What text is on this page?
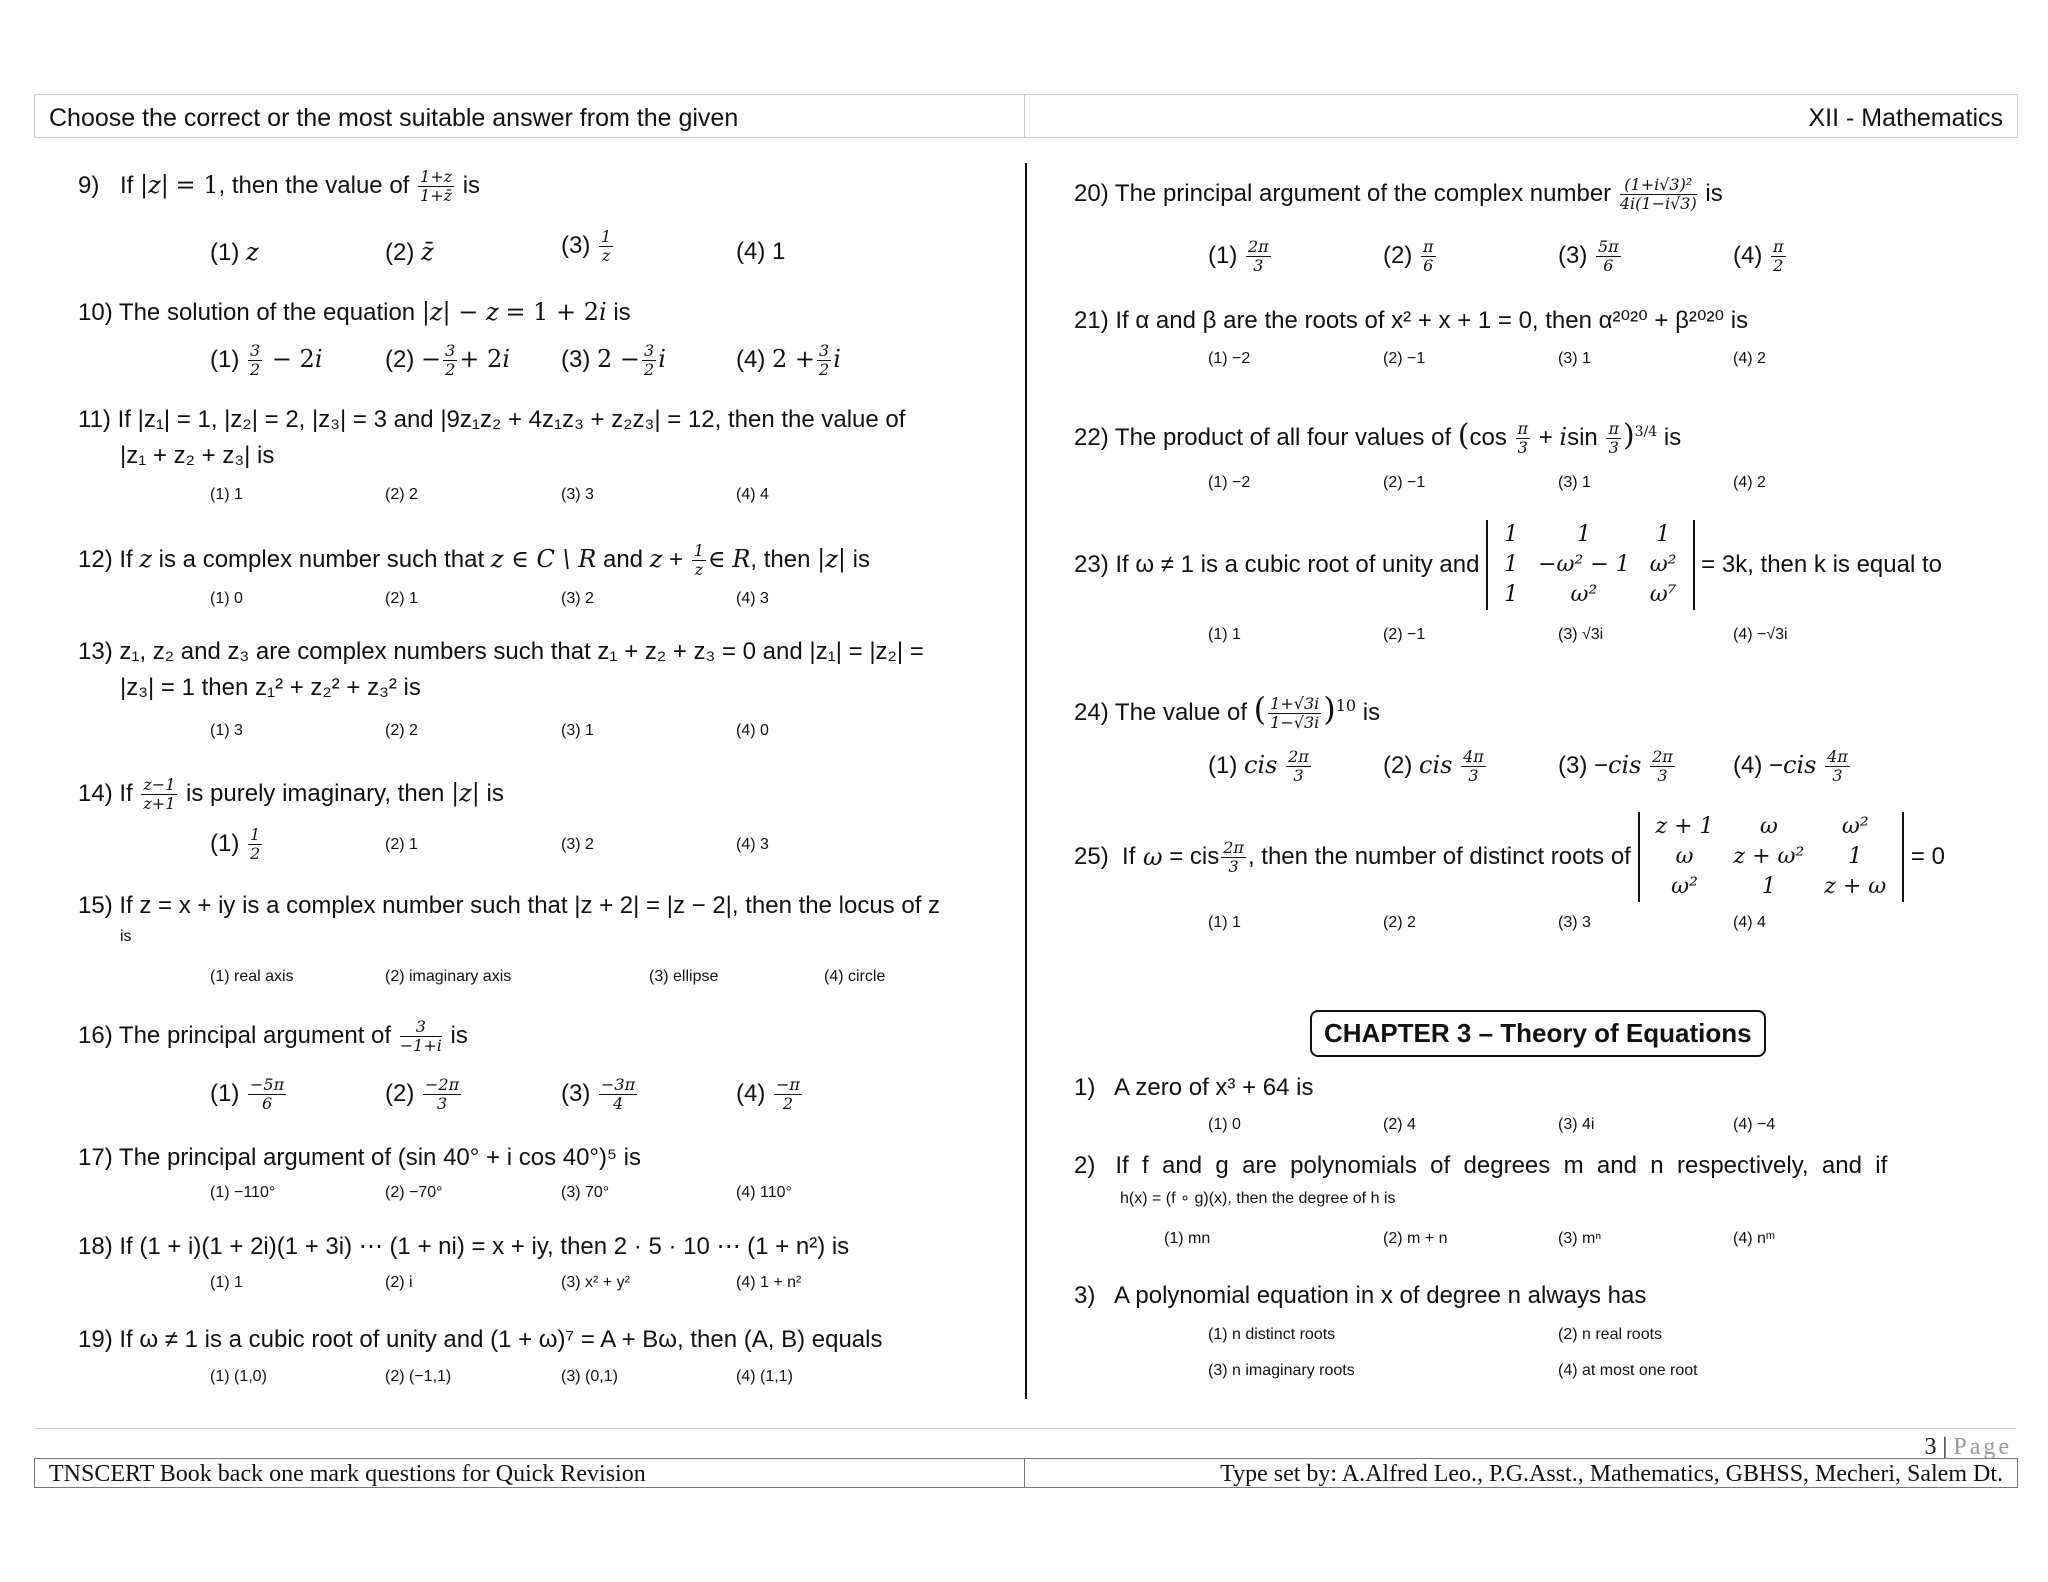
Choose the correct or the most suitable answer from the given	XII - Mathematics
9) If |z| = 1, then the value of $\frac{1+z}{1+z̄}$ is
(1) z	(2) z̄	$(3) \frac{1}{z}$	(4) 1
10) The solution of the equation |z| − z = 1 + 2i is
$(1) \frac{3}{2} - 2i$	$(2) - \frac{3}{2} + 2i$ (3) $2 - \frac{3}{2}$ i	(4) $2 + \frac{3}{2}$ i
11) If |z₁| = 1, |z₂| = 2, |z₃| = 3 and |9z₁z₂ + 4z₁z₃ + z₂z₃| = 12, then the value of
|z₁ + z₂ + z₃| is
(1) 1	(2) 2	(3) 3	(4) 4
12) If z is a complex number such that z ∈ C \ R and $z + \frac{1}{z}$ ∈ R, then |z| is
(1) 0	(2) 1	(3) 2	(4) 3
13) z₁, z₂ and z₃ are complex numbers such that z₁ + z₂ + z₃ = 0 and |z₁| = |z₂| =
|z₃| = 1 then z₁² + z₂² + z₃² is
(1) 3	(2) 2	(3) 1	(4) 0
14) If $\frac{z-1}{z+1}$ is purely imaginary, then |z| is
$(1) \frac{1}{2}$	(2) 1	(3) 2	(4) 3
15) If z = x + iy is a complex number such that |z + 2| = |z − 2|, then the locus of z
is
(1) real axis	(2) imaginary axis	(3) ellipse	(4) circle
16) The principal argument of $\frac{3}{-1+i}$ is
$(1) \frac{-5\pi}{6}$	$(2) \frac{-2\pi}{3}$	$(3) \frac{-3\pi}{4}$	$(4) \frac{-\pi}{2}$
17) The principal argument of (sin 40° + i cos 40°)⁵ is
(1) −110°	(2) −70°	(3) 70°	(4) 110°
18) If (1 + i)(1 + 2i)(1 + 3i) ⋯ (1 + ni) = x + iy, then 2 · 5 · 10 ⋯ (1 + n²) is
(1) 1	(2) i	(3) x² + y²	(4) 1 + n²
19) If ω ≠ 1 is a cubic root of unity and (1 + ω)⁷ = A + Bω, then (A, B) equals
(1) (1,0)	(2) (−1,1)	(3) (0,1)	(4) (1,1)
20) The principal argument of the complex number $\frac{\text{(1+i√3)²}}{4i(1-i√3)}$ is
$(1) \frac{2\pi}{3}$	$(2) \frac{\pi}{6}$	$(3) \frac{5\pi}{6}$	$(4) \frac{\pi}{2}$
21) If α and β are the roots of x² + x + 1 = 0, then α²⁰²⁰ + β²⁰²⁰ is
(1) −2	(2) −1	(3) 1	(4) 2
22) The product of all four values of $(\cos \frac{\pi}{3} + isin \frac{\pi}{3} )^{3/4}$ is
(1) −2	(2) −1	(3) 1	(4) 2
23)
If ω ≠ 1 is a cubic root of unity and

1	1	1
1	−ω² − 1	ω²
1	ω²	ω⁷

= 3k, then k is equal to
(1) 1	(2) −1	(3) √3i	(4) −√3i
24) The value of ( $\frac{1+√3i}{1-√3i} )^{10}$ is
(1) cis $\frac{2\pi}{3}$	(2) cis $\frac{4\pi}{3}$	$(3) -cis \frac{2\pi}{3} (4) -cis \frac{4\pi}{3}$
25) If ω = cis $\frac{2\pi}{3}$ , then the number of distinct roots of
z + 1	ω	ω²
ω	z + ω²	1
ω²	1	z + ω

= 0
(1) 1	(2) 2	(3) 3	(4) 4
CHAPTER 3 – Theory of Equations
1) A zero of x³ + 64 is
(1) 0	(2) 4	(3) 4i	(4) −4
2) If  f  and  g  are  polynomials  of  degrees  m  and  n  respectively,  and  if
h(x) = (f ∘ g)(x), then the degree of h is
(1) mn	(2) m + n	(3) mⁿ	(4) nᵐ
3) A polynomial equation in x of degree n always has
(1) n distinct roots	(2) n real roots
(3) n imaginary roots	(4) at most one root
3 | Page
TNSCERT Book back one mark questions for Quick Revision	Type set by: A.Alfred Leo., P.G.Asst., Mathematics, GBHSS, Mecheri, Salem Dt.
